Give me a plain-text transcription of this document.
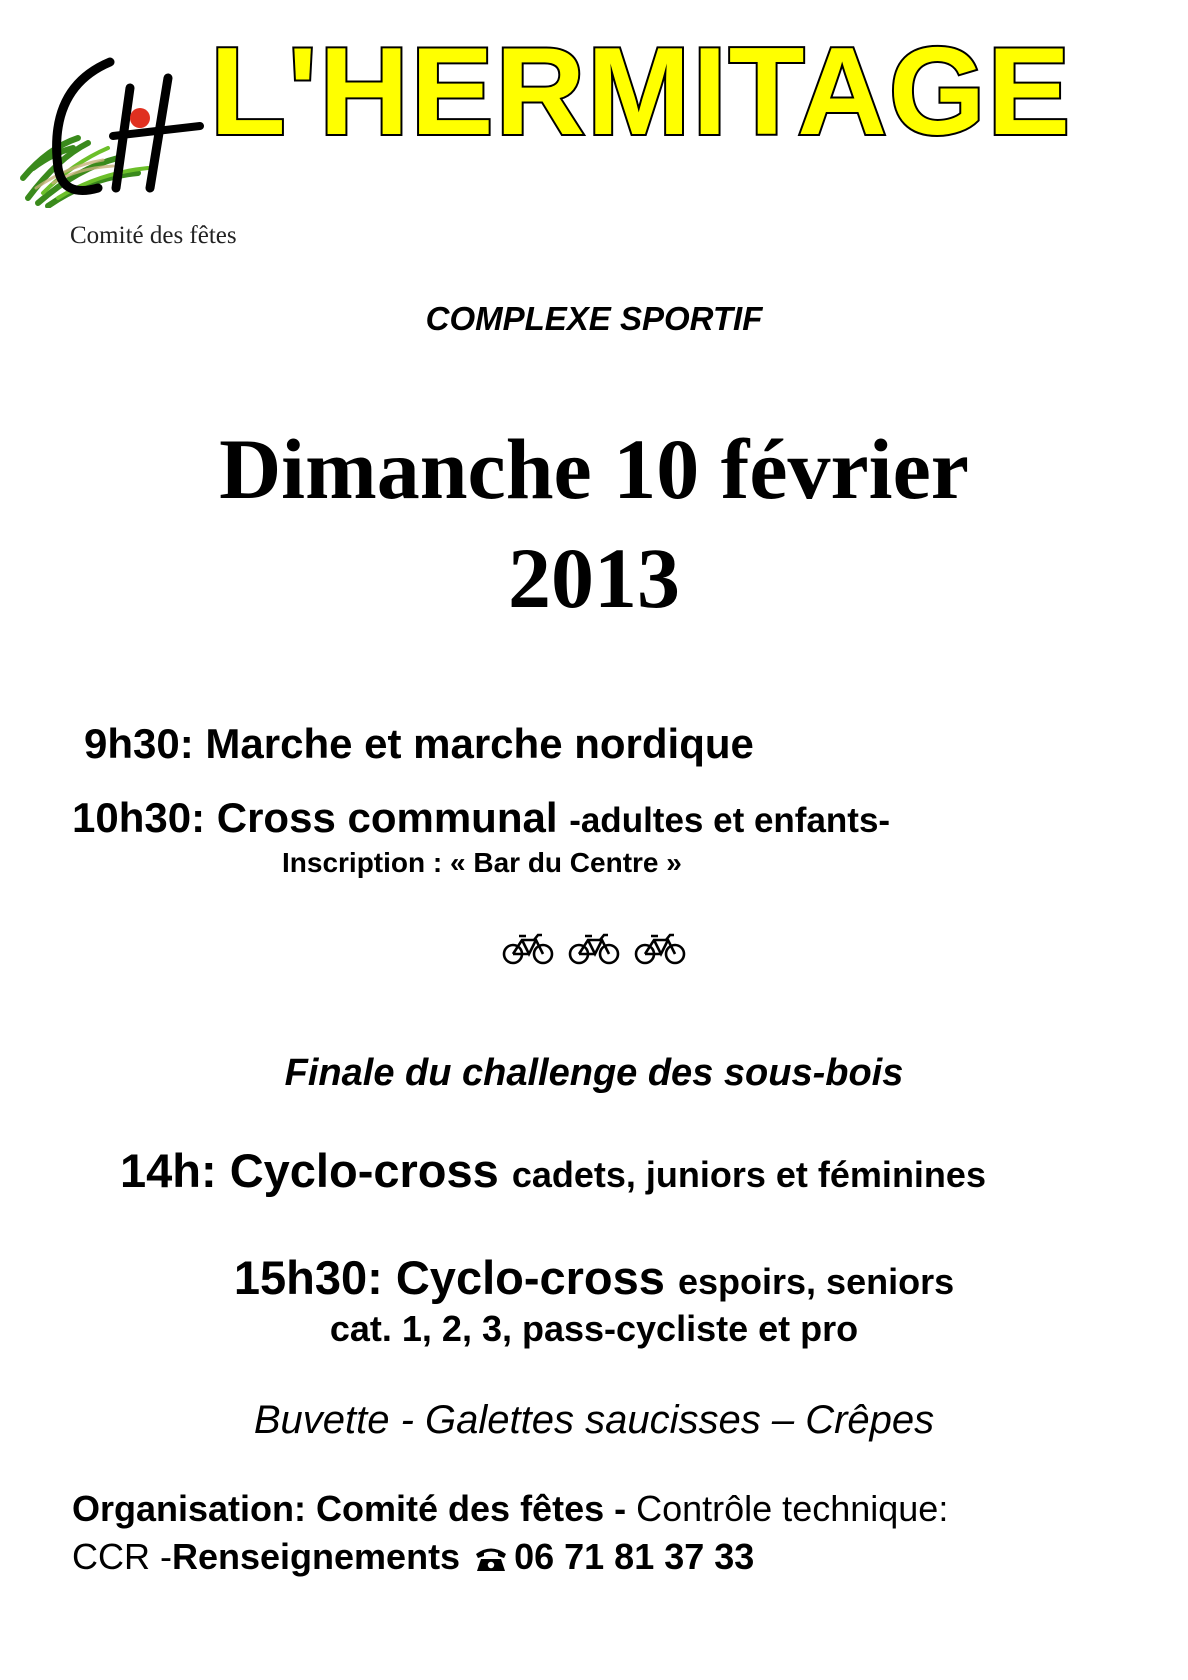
L'HERMITAGE
Comité des fêtes
COMPLEXE SPORTIF
Dimanche 10 février
2013
9h30: Marche et marche nordique
10h30: Cross communal -adultes et enfants-
Inscription : « Bar du Centre »
Finale du challenge des sous-bois
14h: Cyclo-cross cadets, juniors et féminines
15h30: Cyclo-cross espoirs, seniors
cat. 1, 2, 3, pass-cycliste et pro
Buvette - Galettes saucisses – Crêpes
Organisation: Comité des fêtes - Contrôle technique:
CCR -Renseignements 06 71 81 37 33
